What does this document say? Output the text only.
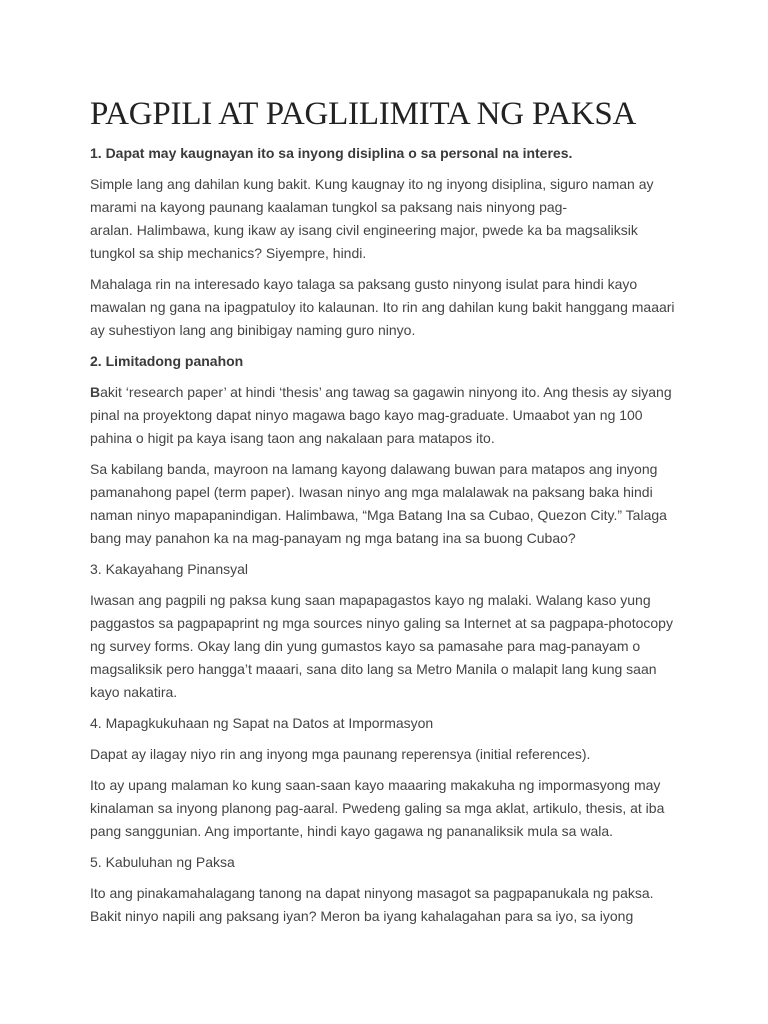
PAGPILI AT PAGLILIMITA NG PAKSA
1. Dapat may kaugnayan ito sa inyong disiplina o sa personal na interes.

Simple lang ang dahilan kung bakit. Kung kaugnay ito ng inyong disiplina, siguro naman ay marami na kayong paunang kaalaman tungkol sa paksang nais ninyong pag-
aralan. Halimbawa, kung ikaw ay isang civil engineering major, pwede ka ba magsaliksik tungkol sa ship mechanics? Siyempre, hindi.

Mahalaga rin na interesado kayo talaga sa paksang gusto ninyong isulat para hindi kayo mawalan ng gana na ipagpatuloy ito kalaunan. Ito rin ang dahilan kung bakit hanggang maaari ay suhestiyon lang ang binibigay naming guro ninyo.

2. Limitadong panahon

Bakit ‘research paper’ at hindi ‘thesis’ ang tawag sa gagawin ninyong ito. Ang thesis ay siyang pinal na proyektong dapat ninyo magawa bago kayo mag-graduate. Umaabot yan ng 100 pahina o higit pa kaya isang taon ang nakalaan para matapos ito.

Sa kabilang banda, mayroon na lamang kayong dalawang buwan para matapos ang inyong pamanahong papel (term paper). Iwasan ninyo ang mga malalawak na paksang baka hindi naman ninyo mapapanindigan. Halimbawa, “Mga Batang Ina sa Cubao, Quezon City.” Talaga bang may panahon ka na mag-panayam ng mga batang ina sa buong Cubao?

3. Kakayahang Pinansyal

Iwasan ang pagpili ng paksa kung saan mapapagastos kayo ng malaki. Walang kaso yung paggastos sa pagpapaprint ng mga sources ninyo galing sa Internet at sa pagpapa-photocopy ng survey forms. Okay lang din yung gumastos kayo sa pamasahe para mag-panayam o magsaliksik pero hangga’t maaari, sana dito lang sa Metro Manila o malapit lang kung saan kayo nakatira.

4. Mapagkukuhaan ng Sapat na Datos at Impormasyon

Dapat ay ilagay niyo rin ang inyong mga paunang reperensya (initial references).

Ito ay upang malaman ko kung saan-saan kayo maaaring makakuha ng impormasyong may kinalaman sa inyong planong pag-aaral. Pwedeng galing sa mga aklat, artikulo, thesis, at iba pang sanggunian. Ang importante, hindi kayo gagawa ng pananaliksik mula sa wala.

5. Kabuluhan ng Paksa

Ito ang pinakamahalagang tanong na dapat ninyong masagot sa pagpapanukala ng paksa. Bakit ninyo napili ang paksang iyan? Meron ba iyang kahalagahan para sa iyo, sa iyong
